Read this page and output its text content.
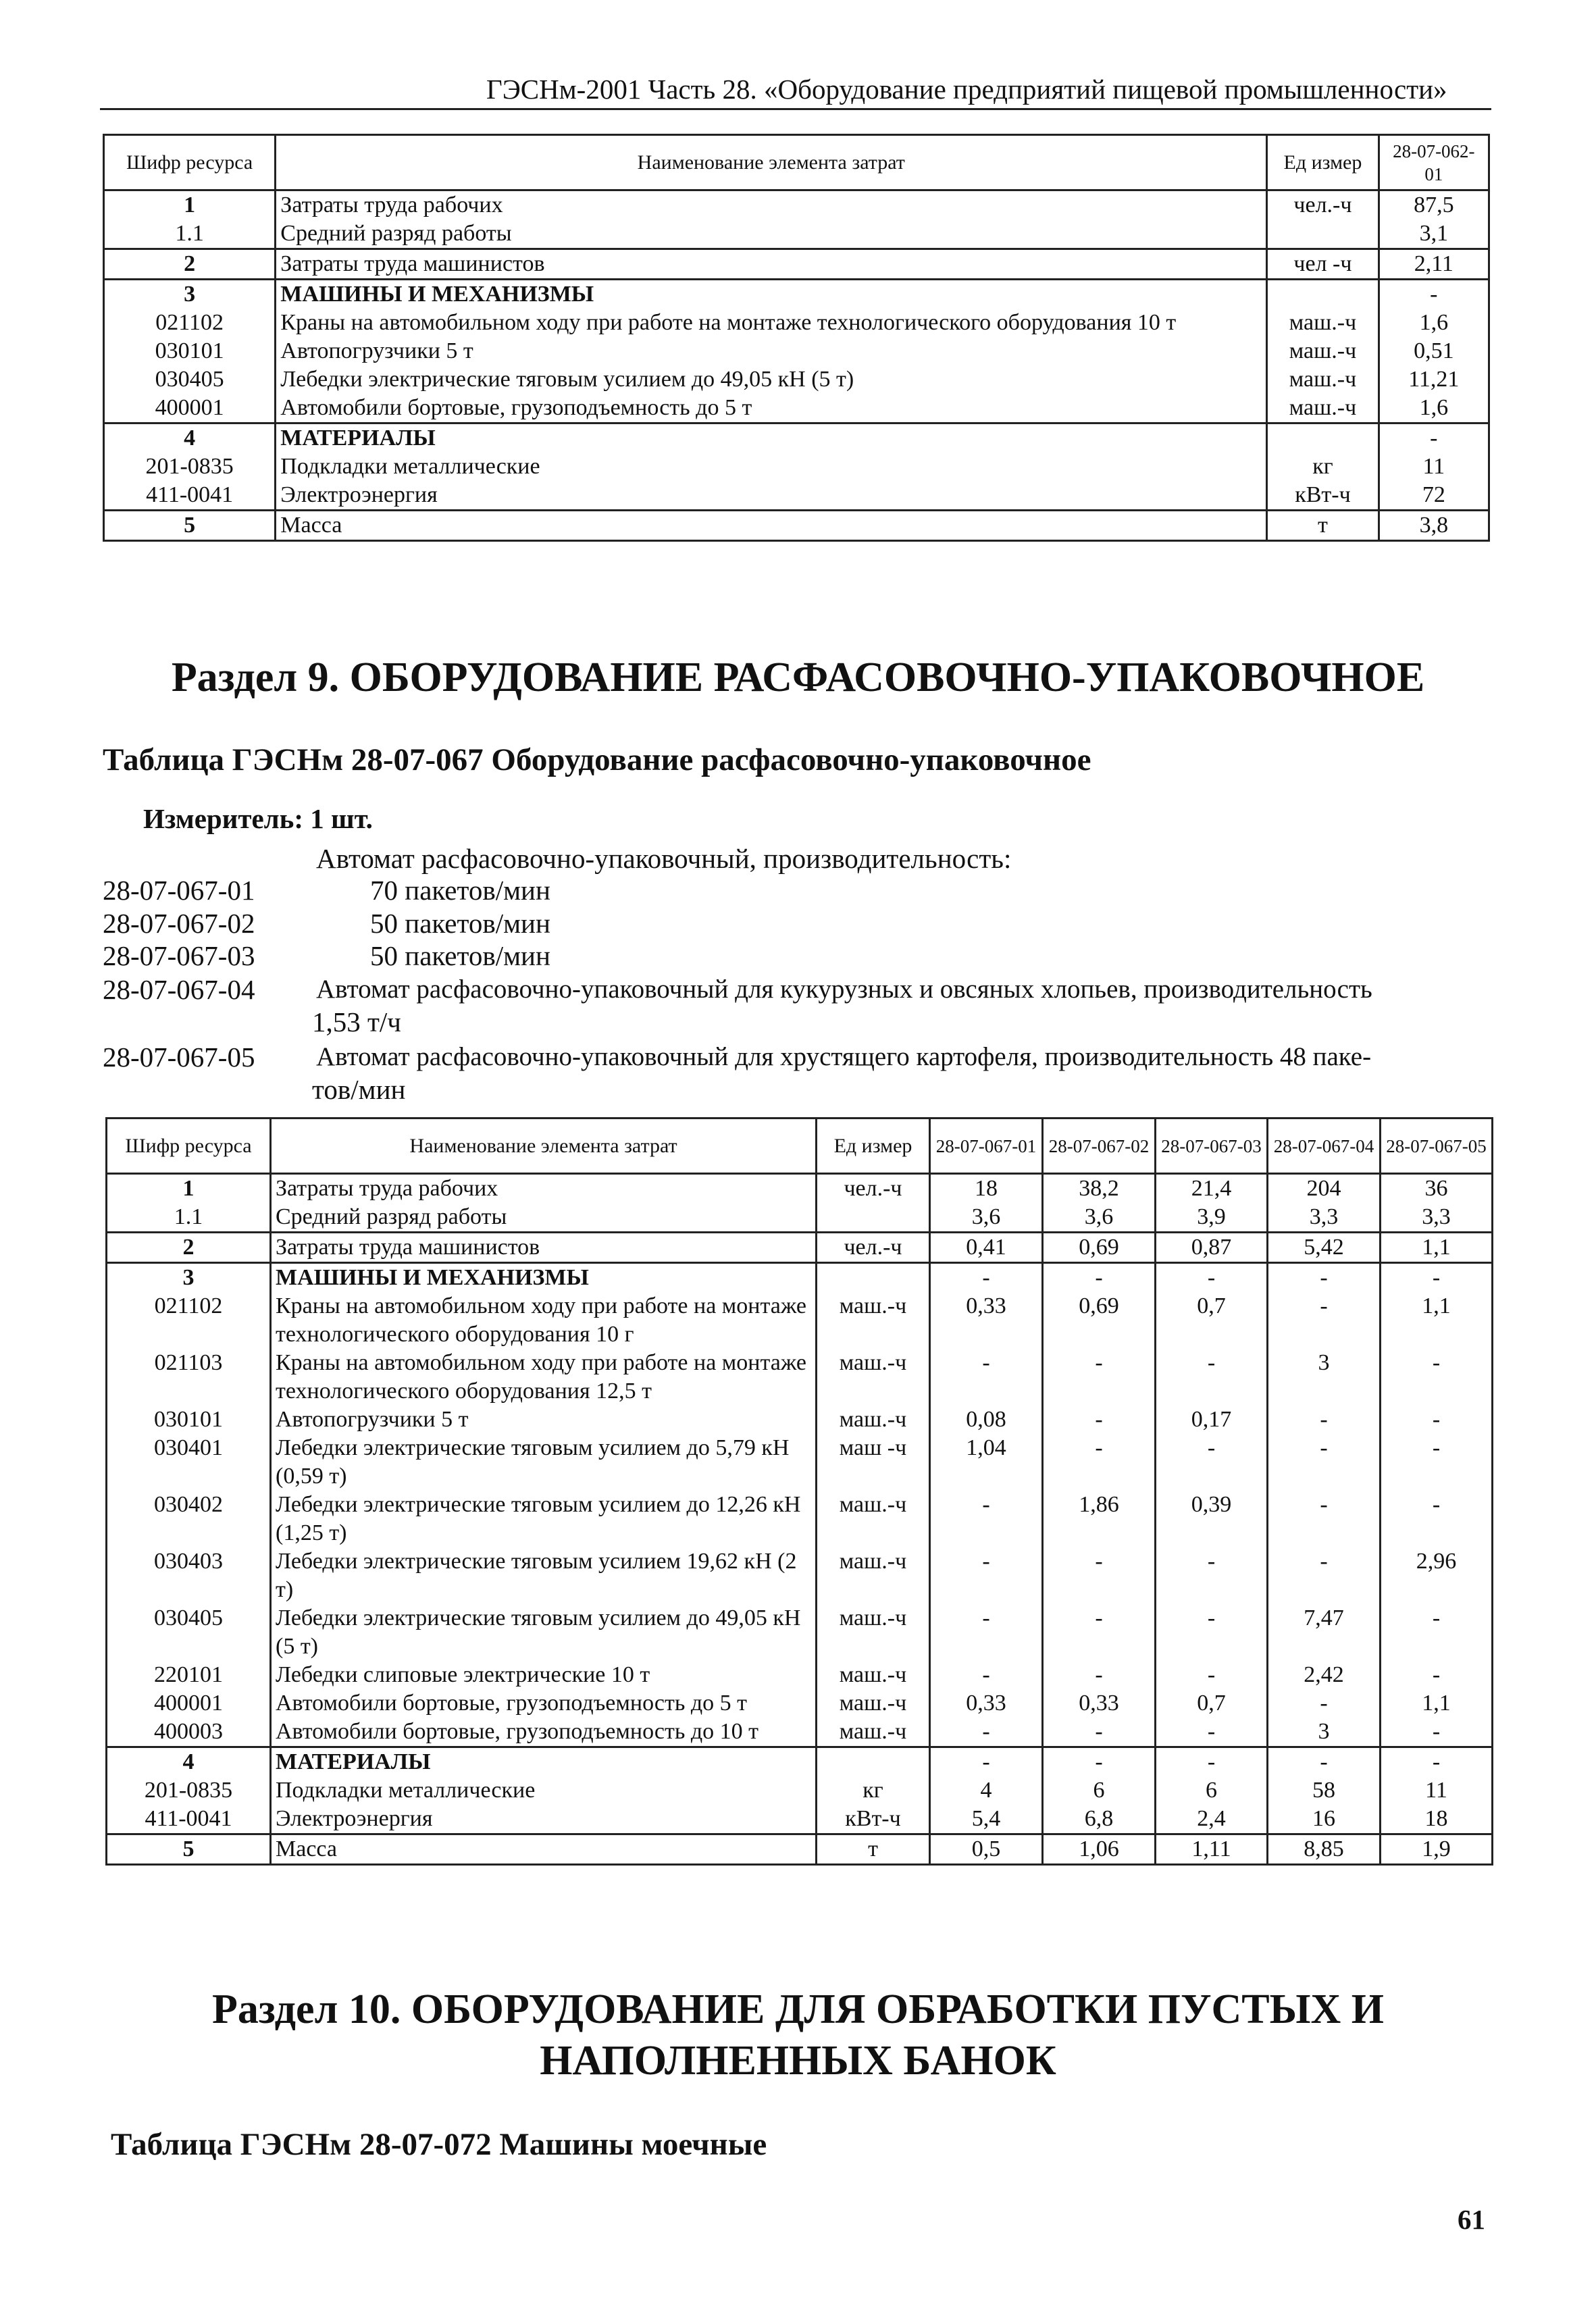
ГЭСНм-2001 Часть 28. «Оборудование предприятий пищевой промышленности»
Шифр ресурса	Наименование элемента затрат	Ед измер	28-07-062-01
1	Затраты труда рабочих	чел.-ч	87,5
1.1	Средний разряд работы		3,1
2	Затраты труда машинистов	чел -ч	2,11
3	МАШИНЫ И МЕХАНИЗМЫ		-
021102	Краны на автомобильном ходу при работе на монтаже технологического оборудования 10 т	маш.-ч	1,6
030101	Автопогрузчики 5 т	маш.-ч	0,51
030405	Лебедки электрические тяговым усилием до 49,05 кН (5 т)	маш.-ч	11,21
400001	Автомобили бортовые, грузоподъемность до 5 т	маш.-ч	1,6
4	МАТЕРИАЛЫ		-
201-0835	Подкладки металлические	кг	11
411-0041	Электроэнергия	кВт-ч	72
5	Масса	т	3,8
Раздел 9. ОБОРУДОВАНИЕ РАСФАСОВОЧНО-УПАКОВОЧНОЕ
Таблица ГЭСНм 28-07-067 Оборудование расфасовочно-упаковочное
Измеритель: 1 шт.
Автомат расфасовочно-упаковочный, производительность:
28-07-067-01	70 пакетов/мин
28-07-067-02	50 пакетов/мин
28-07-067-03	50 пакетов/мин
28-07-067-04 Автомат расфасовочно-упаковочный для кукурузных и овсяных хлопьев, производительность
1,53 т/ч
28-07-067-05 Автомат расфасовочно-упаковочный для хрустящего картофеля, производительность 48 паке-
тов/мин
Шифр ресурса	Наименование элемента затрат	Ед измер	28-07-067-01	28-07-067-02	28-07-067-03	28-07-067-04	28-07-067-05
1	Затраты труда рабочих	чел.-ч	18	38,2	21,4	204	36
1.1	Средний разряд работы		3,6	3,6	3,9	3,3	3,3
2	Затраты труда машинистов	чел.-ч	0,41	0,69	0,87	5,42	1,1
3	МАШИНЫ И МЕХАНИЗМЫ		-	-	-	-	-
021102	Краны на автомобильном ходу при работе на монтаже технологического оборудования 10 г	маш.-ч	0,33	0,69	0,7	-	1,1
021103	Краны на автомобильном ходу при работе на монтаже технологического оборудования 12,5 т	маш.-ч	-	-	-	3	-
030101	Автопогрузчики 5 т	маш.-ч	0,08	-	0,17	-	-
030401	Лебедки электрические тяговым усилием до 5,79 кН (0,59 т)	маш -ч	1,04	-	-	-	-
030402	Лебедки электрические тяговым усилием до 12,26 кН (1,25 т)	маш.-ч	-	1,86	0,39	-	-
030403	Лебедки электрические тяговым усилием 19,62 кН (2 т)	маш.-ч	-	-	-	-	2,96
030405	Лебедки электрические тяговым усилием до 49,05 кН (5 т)	маш.-ч	-	-	-	7,47	-
220101	Лебедки слиповые электрические 10 т	маш.-ч	-	-	-	2,42	-
400001	Автомобили бортовые, грузоподъемность до 5 т	маш.-ч	0,33	0,33	0,7	-	1,1
400003	Автомобили бортовые, грузоподъемность до 10 т	маш.-ч	-	-	-	3	-
4	МАТЕРИАЛЫ		-	-	-	-	-
201-0835	Подкладки металлические	кг	4	6	6	58	11
411-0041	Электроэнергия	кВт-ч	5,4	6,8	2,4	16	18
5	Масса	т	0,5	1,06	1,11	8,85	1,9
Раздел 10. ОБОРУДОВАНИЕ ДЛЯ ОБРАБОТКИ ПУСТЫХ И
НАПОЛНЕННЫХ БАНОК
Таблица ГЭСНм 28-07-072 Машины моечные
61
